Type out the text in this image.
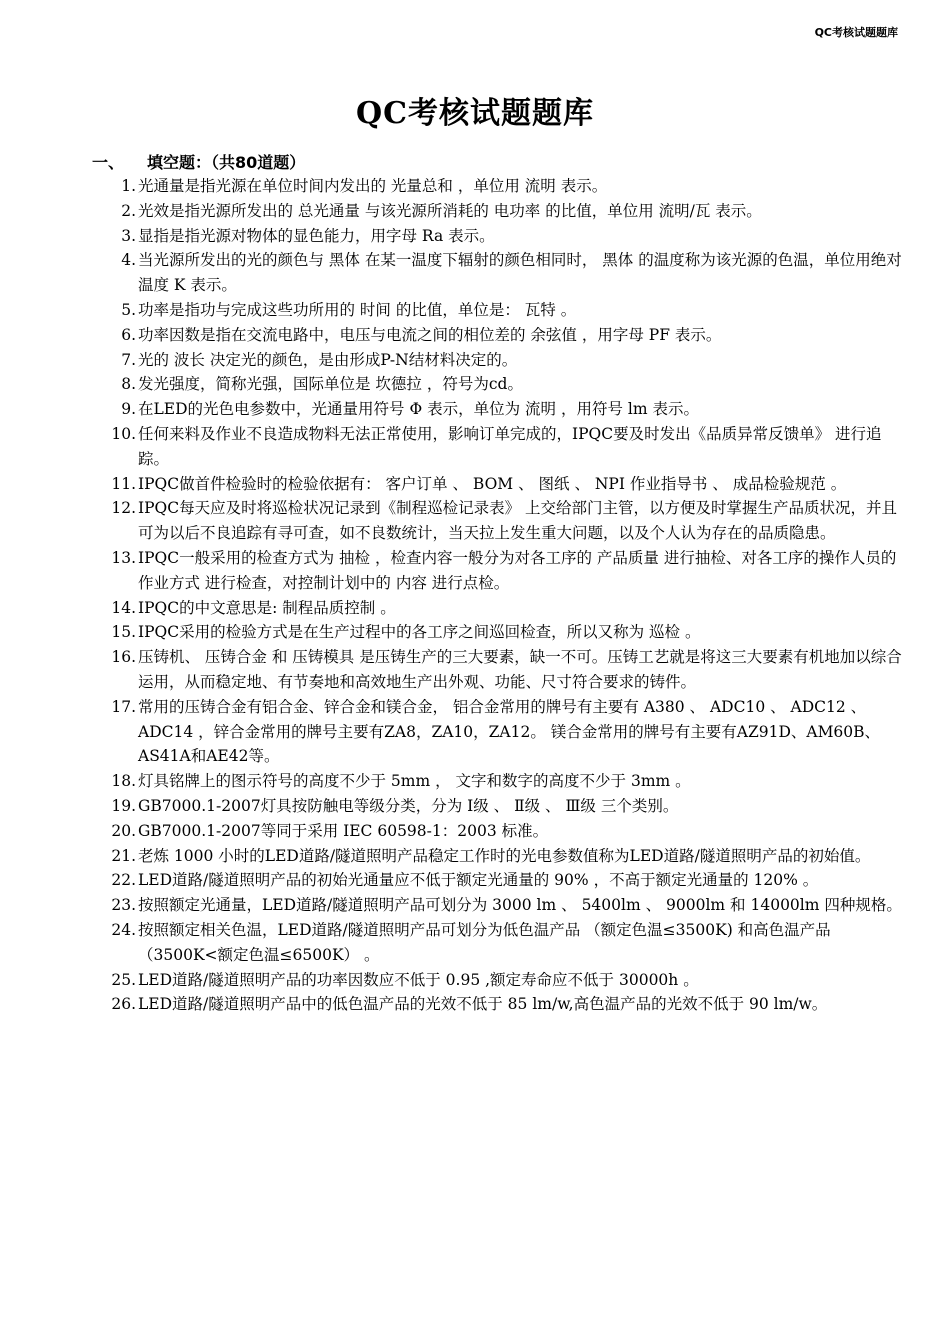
QC考核试题题库
QC考核试题题库
一、 填空题：（共80道题）
1. 光通量是指光源在单位时间内发出的 光量总和 ，单位用 流明 表示。
2. 光效是指光源所发出的 总光通量 与该光源所消耗的 电功率 的比值，单位用 流明/瓦 表示。
3. 显指是指光源对物体的显色能力，用字母 Ra 表示。
4. 当光源所发出的光的颜色与 黑体 在某一温度下辐射的颜色相同时， 黑体 的温度称为该光源的色温，单位用绝对温度 K 表示。
5. 功率是指功与完成这些功所用的 时间 的比值，单位是： 瓦特 。
6. 功率因数是指在交流电路中，电压与电流之间的相位差的 余弦值 ，用字母 PF 表示。
7. 光的 波长 决定光的颜色，是由形成P-N结材料决定的。
8. 发光强度，简称光强，国际单位是 坎德拉 ，符号为cd。
9. 在LED的光色电参数中，光通量用符号 Φ 表示，单位为 流明 ，用符号 lm 表示。
10. 任何来料及作业不良造成物料无法正常使用，影响订单完成的，IPQC要及时发出《品质异常反馈单》 进行追踪。
11. IPQC做首件检验时的检验依据有： 客户订单 、 BOM 、 图纸 、 NPI 作业指导书 、 成品检验规范 。
12. IPQC每天应及时将巡检状况记录到《制程巡检记录表》 上交给部门主管，以方便及时掌握生产品质状况，并且可为以后不良追踪有寻可查，如不良数统计，当天拉上发生重大问题，以及个人认为存在的品质隐患。
13. IPQC一般采用的检查方式为 抽检 ，检查内容一般分为对各工序的 产品质量 进行抽检、对各工序的操作人员的 作业方式 进行检查，对控制计划中的 内容 进行点检。
14. IPQC的中文意思是: 制程品质控制 。
15. IPQC采用的检验方式是在生产过程中的各工序之间巡回检查，所以又称为 巡检 。
16. 压铸机、 压铸合金 和 压铸模具 是压铸生产的三大要素，缺一不可。压铸工艺就是将这三大要素有机地加以综合运用，从而稳定地、有节奏地和高效地生产出外观、功能、尺寸符合要求的铸件。
17. 常用的压铸合金有铝合金、锌合金和镁合金， 铝合金常用的牌号有主要有 A380 、 ADC10 、 ADC12 、 ADC14 ，锌合金常用的牌号主要有ZA8，ZA10，ZA12。 镁合金常用的牌号有主要有AZ91D、AM60B、AS41A和AE42等。
18. 灯具铭牌上的图示符号的高度不少于 5mm ， 文字和数字的高度不少于 3mm 。
19. GB7000.1-2007灯具按防触电等级分类，分为 Ⅰ级 、 Ⅱ级 、 Ⅲ级 三个类别。
20. GB7000.1-2007等同于采用 IEC 60598-1：2003 标准。
21. 老炼 1000 小时的LED道路/隧道照明产品稳定工作时的光电参数值称为LED道路/隧道照明产品的初始值。
22. LED道路/隧道照明产品的初始光通量应不低于额定光通量的 90% ，不高于额定光通量的 120% 。
23. 按照额定光通量，LED道路/隧道照明产品可划分为 3000 lm 、 5400lm 、 9000lm 和 14000lm 四种规格。
24. 按照额定相关色温，LED道路/隧道照明产品可划分为低色温产品 （额定色温≤3500K) 和高色温产品 （3500K<额定色温≤6500K） 。
25. LED道路/隧道照明产品的功率因数应不低于 0.95 ,额定寿命应不低于 30000h 。
26. LED道路/隧道照明产品中的低色温产品的光效不低于 85 lm/w,高色温产品的光效不低于 90 lm/w。
